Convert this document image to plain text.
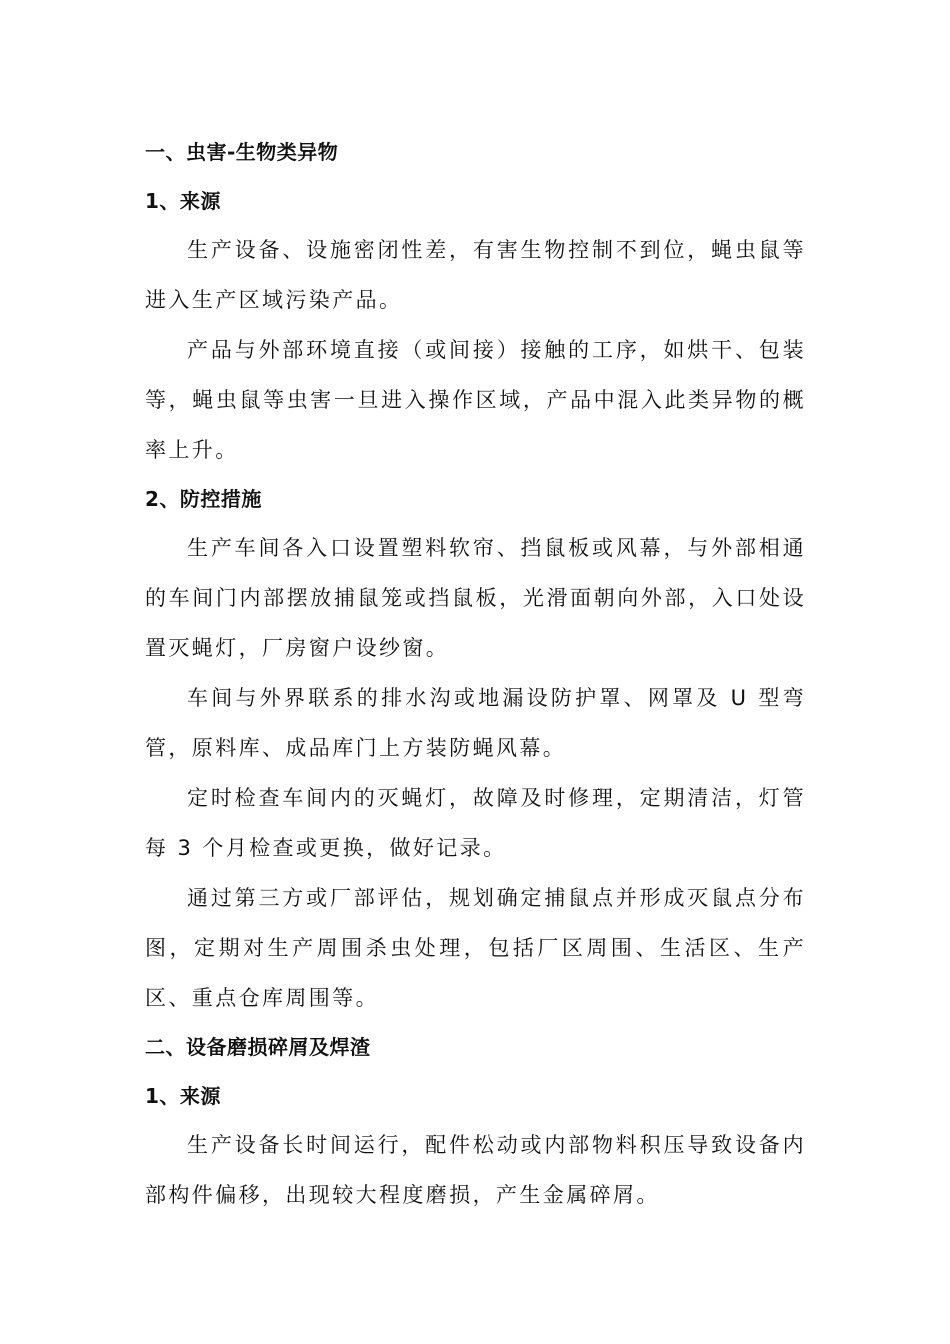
一、虫害-生物类异物
1、来源

生产设备、设施密闭性差，有害生物控制不到位，蝇虫鼠等进入生产区域污染产品。

产品与外部环境直接（或间接）接触的工序，如烘干、包装等，蝇虫鼠等虫害一旦进入操作区域，产品中混入此类异物的概率上升。

2、防控措施

生产车间各入口设置塑料软帘、挡鼠板或风幕，与外部相通的车间门内部摆放捕鼠笼或挡鼠板，光滑面朝向外部，入口处设置灭蝇灯，厂房窗户设纱窗。

车间与外界联系的排水沟或地漏设防护罩、网罩及 U 型弯管，原料库、成品库门上方装防蝇风幕。

定时检查车间内的灭蝇灯，故障及时修理，定期清洁，灯管每 3 个月检查或更换，做好记录。

通过第三方或厂部评估，规划确定捕鼠点并形成灭鼠点分布图，定期对生产周围杀虫处理，包括厂区周围、生活区、生产区、重点仓库周围等。

二、设备磨损碎屑及焊渣
1、来源

生产设备长时间运行，配件松动或内部物料积压导致设备内部构件偏移，出现较大程度磨损，产生金属碎屑。
